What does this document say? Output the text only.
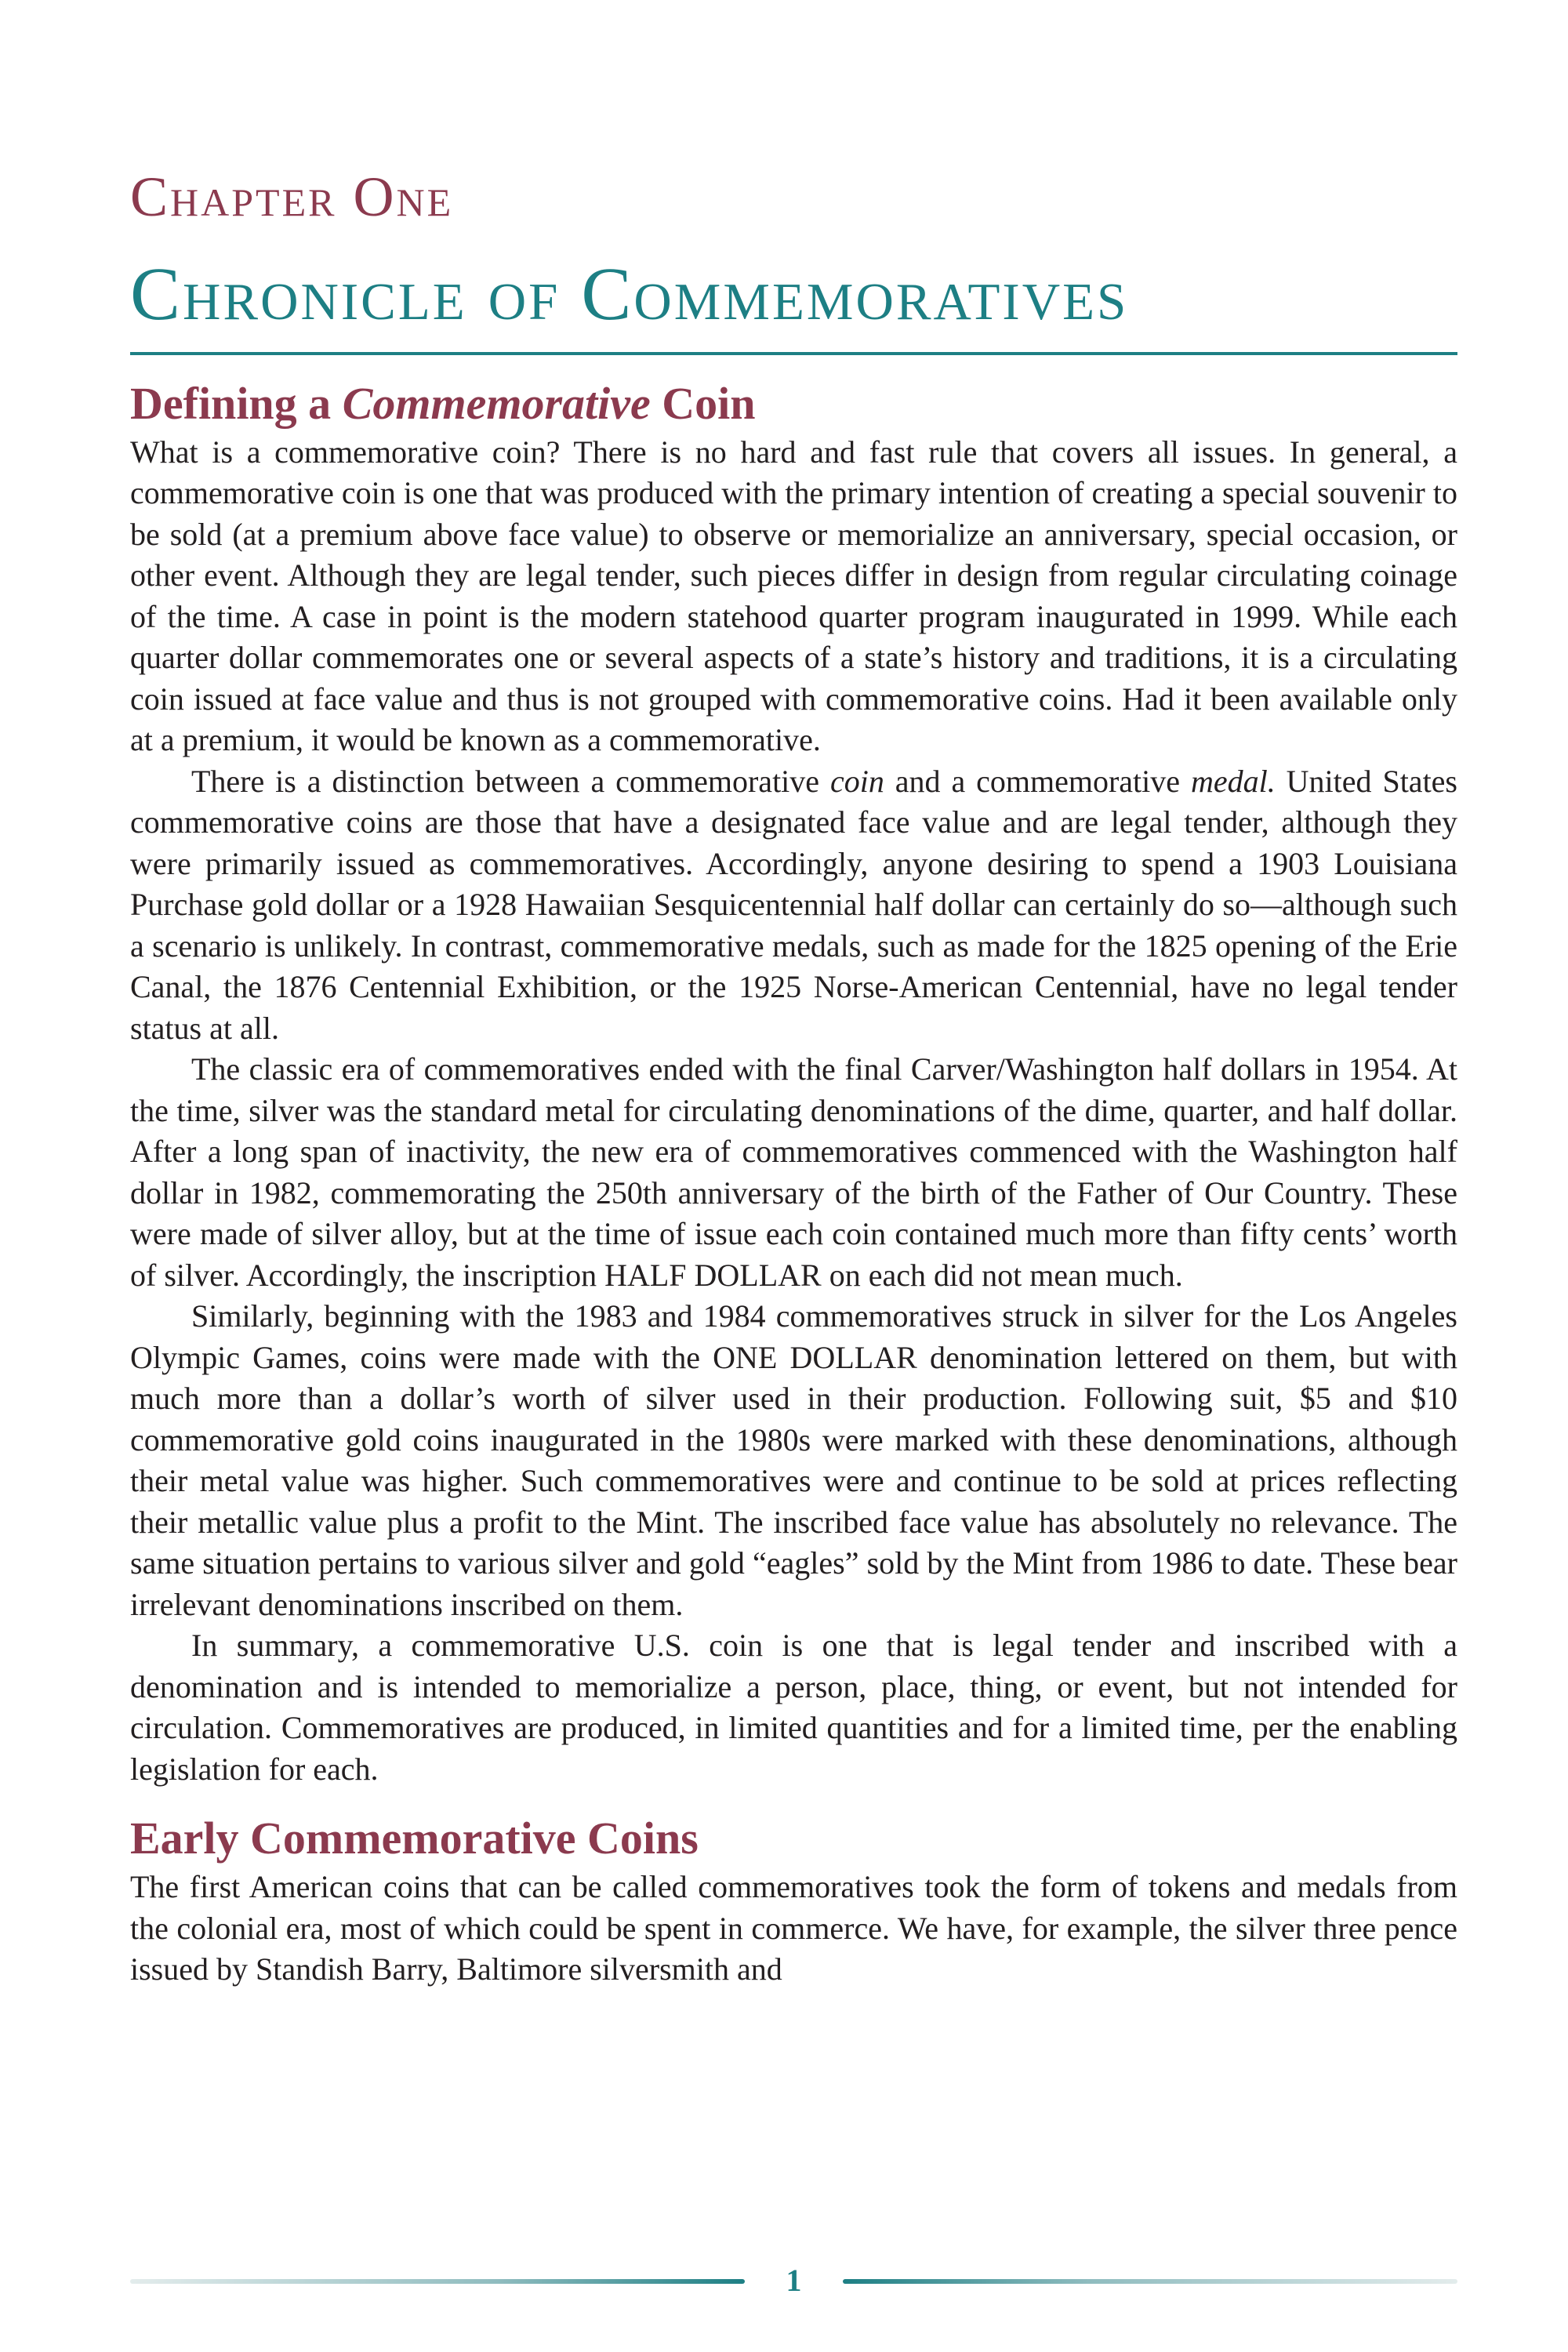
Chapter One
Chronicle of Commemoratives
Defining a Commemorative Coin

What is a commemorative coin? There is no hard and fast rule that covers all issues. In general, a commemorative coin is one that was produced with the primary intention of creating a special souvenir to be sold (at a premium above face value) to observe or memorialize an anniversary, special occasion, or other event. Although they are legal tender, such pieces differ in design from regular circulating coinage of the time. A case in point is the modern statehood quarter program inaugurated in 1999. While each quarter dollar commemorates one or several aspects of a state’s history and traditions, it is a circulating coin issued at face value and thus is not grouped with commemorative coins. Had it been available only at a premium, it would be known as a commemorative.

There is a distinction between a commemorative coin and a commemorative medal. United States commemorative coins are those that have a designated face value and are legal tender, although they were primarily issued as commemoratives. Accordingly, anyone desiring to spend a 1903 Louisiana Purchase gold dollar or a 1928 Hawaiian Sesquicentennial half dollar can certainly do so—although such a scenario is unlikely. In contrast, commemorative medals, such as made for the 1825 opening of the Erie Canal, the 1876 Centennial Exhibition, or the 1925 Norse-American Centennial, have no legal tender status at all.

The classic era of commemoratives ended with the final Carver/Washington half dollars in 1954. At the time, silver was the standard metal for circulating denominations of the dime, quarter, and half dollar. After a long span of inactivity, the new era of commemoratives commenced with the Washington half dollar in 1982, commemorating the 250th anniversary of the birth of the Father of Our Country. These were made of silver alloy, but at the time of issue each coin contained much more than fifty cents’ worth of silver. Accordingly, the inscription HALF DOLLAR on each did not mean much.

Similarly, beginning with the 1983 and 1984 commemoratives struck in silver for the Los Angeles Olympic Games, coins were made with the ONE DOLLAR denomination lettered on them, but with much more than a dollar’s worth of silver used in their production. Following suit, $5 and $10 commemorative gold coins inaugurated in the 1980s were marked with these denominations, although their metal value was higher. Such commemoratives were and continue to be sold at prices reflecting their metallic value plus a profit to the Mint. The inscribed face value has absolutely no relevance. The same situation pertains to various silver and gold “eagles” sold by the Mint from 1986 to date. These bear irrelevant denominations inscribed on them.

In summary, a commemorative U.S. coin is one that is legal tender and inscribed with a denomination and is intended to memorialize a person, place, thing, or event, but not intended for circulation. Commemoratives are produced, in limited quantities and for a limited time, per the enabling legislation for each.

Early Commemorative Coins

The first American coins that can be called commemoratives took the form of tokens and medals from the colonial era, most of which could be spent in commerce. We have, for example, the silver three pence issued by Standish Barry, Baltimore silversmith and

1
